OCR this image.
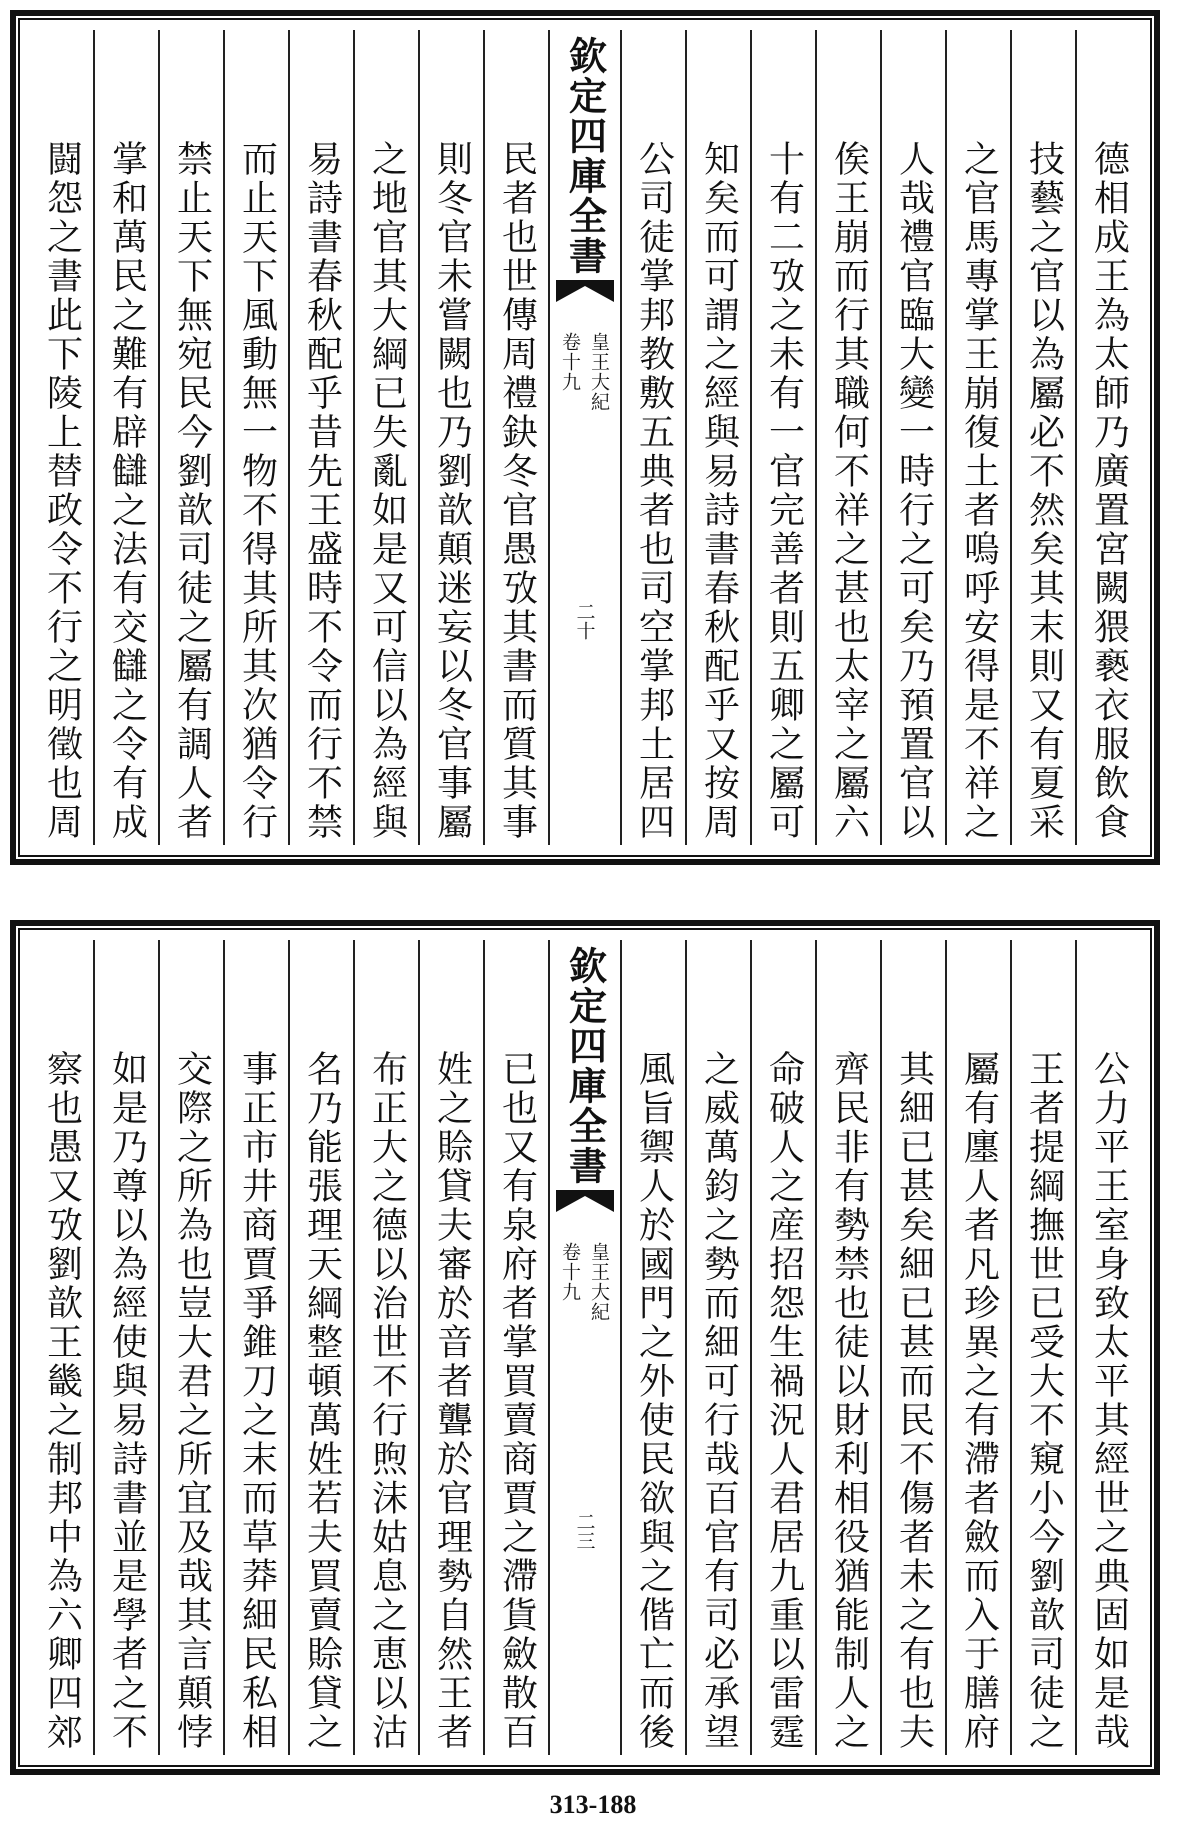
德相成王為太師乃廣置宮闕猥褻衣服飲食
技藝之官以為屬必不然矣其末則又有夏采
之官馬專掌王崩復土者嗚呼安得是不祥之
人哉禮官臨大變一時行之可矣乃預置官以
俟王崩而行其職何不祥之甚也太宰之屬六
十有二攷之未有一官完善者則五卿之屬可
知矣而可謂之經與易詩書春秋配乎又按周
公司徒掌邦教敷五典者也司空掌邦土居四
欽定四庫全書
皇王大紀
卷十九
二十
民者也世傳周禮鈌冬官愚攷其書而質其事
則冬官未嘗闕也乃劉歆顛迷妄以冬官事屬
之地官其大綱已失亂如是又可信以為經與
易詩書春秋配乎昔先王盛時不令而行不禁
而止天下風動無一物不得其所其次猶令行
禁止天下無宛民今劉歆司徒之屬有調人者
掌和萬民之難有辟讎之法有交讎之令有成
闘怨之書此下陵上替政令不行之明徵也周
公力平王室身致太平其經世之典固如是哉
王者提綱撫世已受大不窺小今劉歆司徒之
屬有廛人者凡珍異之有滯者斂而入于膳府
其細已甚矣細已甚而民不傷者未之有也夫
齊民非有勢禁也徒以財利相役猶能制人之
命破人之産招怨生禍況人君居九重以雷霆
之威萬鈞之勢而細可行哉百官有司必承望
風旨禦人於國門之外使民欲與之偕亡而後
欽定四庫全書
皇王大紀
卷十九
二三
已也又有泉府者掌買賣商賈之滯貨斂散百
姓之賒貸夫審於音者聾於官理勢自然王者
布正大之德以治世不行煦沫姑息之恵以沽
名乃能張理天綱整頓萬姓若夫買賣賒貸之
事正市井商賈爭錐刀之末而草莽細民私相
交際之所為也豈大君之所宜及哉其言顛悖
如是乃尊以為經使與易詩書並是學者之不
察也愚又攷劉歆王畿之制邦中為六卿四郊
313-188
